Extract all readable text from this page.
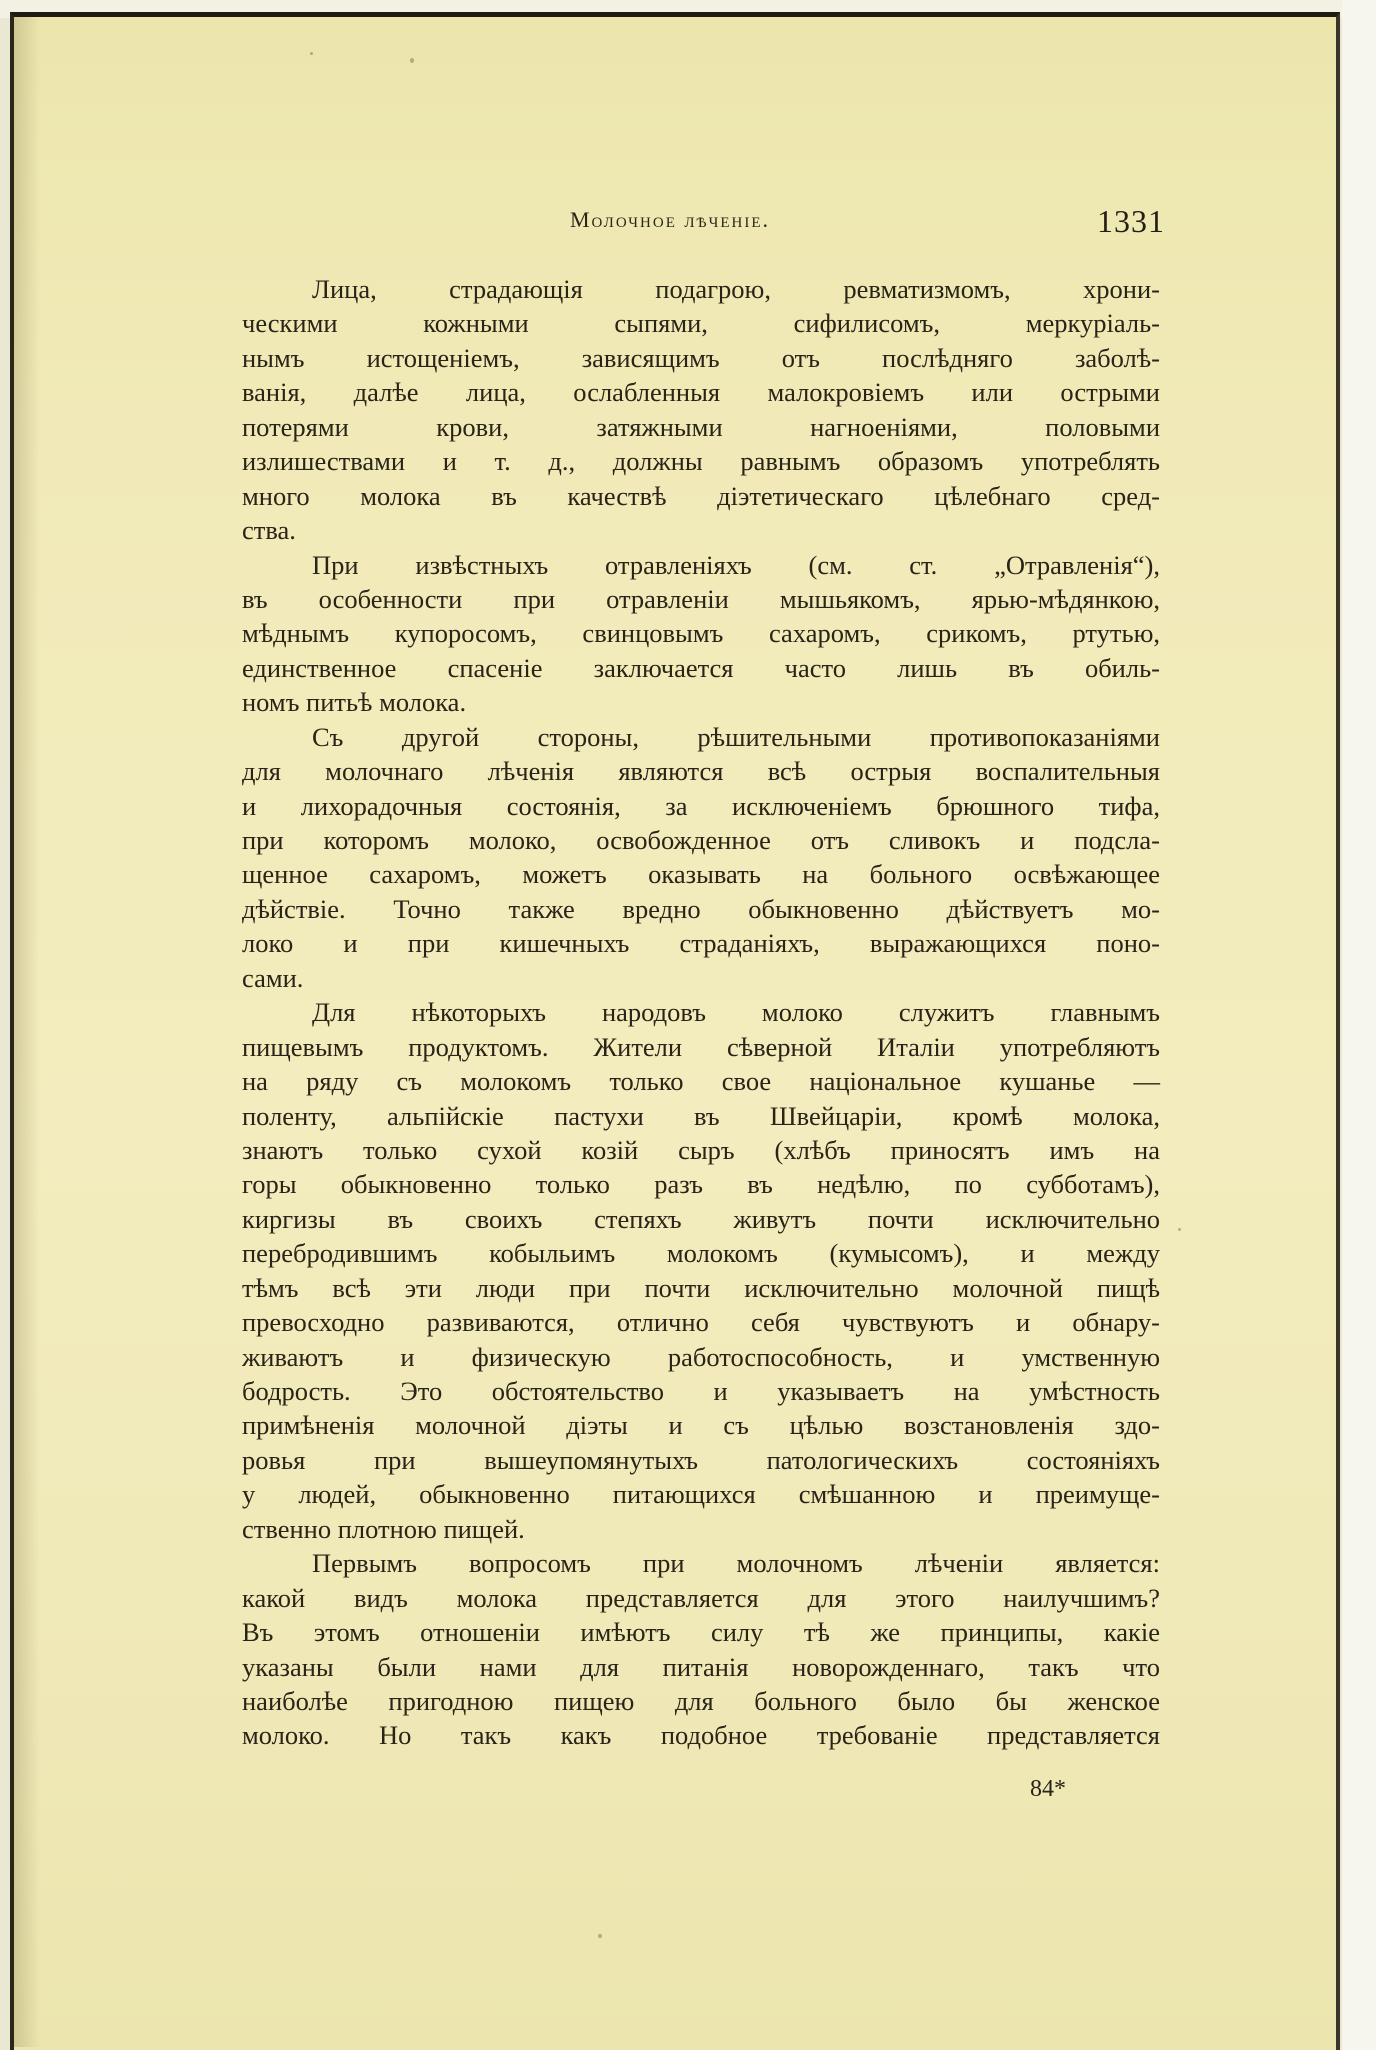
Молочное лѣченіе.	1331
Лица, страдающія подагрою, ревматизмомъ, хрони-
ческими кожными сыпями, сифилисомъ, меркуріаль-
нымъ истощеніемъ, зависящимъ отъ послѣдняго заболѣ-
ванія, далѣе лица, ослабленныя малокровіемъ или острыми
потерями крови, затяжными нагноеніями, половыми
излишествами и т. д., должны равнымъ образомъ употреблять
много молока въ качествѣ діэтетическаго цѣлебнаго сред-
ства.
При извѣстныхъ отравленіяхъ (см. ст. „Отравленія“),
въ особенности при отравленіи мышьякомъ, ярью-мѣдянкою,
мѣднымъ купоросомъ, свинцовымъ сахаромъ, срикомъ, ртутью,
единственное спасеніе заключается часто лишь въ обиль-
номъ питьѣ молока.
Съ другой стороны, рѣшительными противопоказаніями
для молочнаго лѣченія являются всѣ острыя воспалительныя
и лихорадочныя состоянія, за исключеніемъ брюшного тифа,
при которомъ молоко, освобожденное отъ сливокъ и подсла-
щенное сахаромъ, можетъ оказывать на больного освѣжающее
дѣйствіе. Точно также вредно обыкновенно дѣйствуетъ мо-
локо и при кишечныхъ страданіяхъ, выражающихся поно-
сами.
Для нѣкоторыхъ народовъ молоко служитъ главнымъ
пищевымъ продуктомъ. Жители сѣверной Италіи употребляютъ
на ряду съ молокомъ только свое національное кушанье —
поленту, альпійскіе пастухи въ Швейцаріи, кромѣ молока,
знаютъ только сухой козій сыръ (хлѣбъ приносятъ имъ на
горы обыкновенно только разъ въ недѣлю, по субботамъ),
киргизы въ своихъ степяхъ живутъ почти исключительно
перебродившимъ кобыльимъ молокомъ (кумысомъ), и между
тѣмъ всѣ эти люди при почти исключительно молочной пищѣ
превосходно развиваются, отлично себя чувствуютъ и обнару-
живаютъ и физическую работоспособность, и умственную
бодрость. Это обстоятельство и указываетъ на умѣстность
примѣненія молочной діэты и съ цѣлью возстановленія здо-
ровья при вышеупомянутыхъ патологическихъ состояніяхъ
у людей, обыкновенно питающихся смѣшанною и преимуще-
ственно плотною пищей.
Первымъ вопросомъ при молочномъ лѣченіи является:
какой видъ молока представляется для этого наилучшимъ?
Въ этомъ отношеніи имѣютъ силу тѣ же принципы, какіе
указаны были нами для питанія новорожденнаго, такъ что
наиболѣе пригодною пищею для больного было бы женское
молоко. Но такъ какъ подобное требованіе представляется
84*
